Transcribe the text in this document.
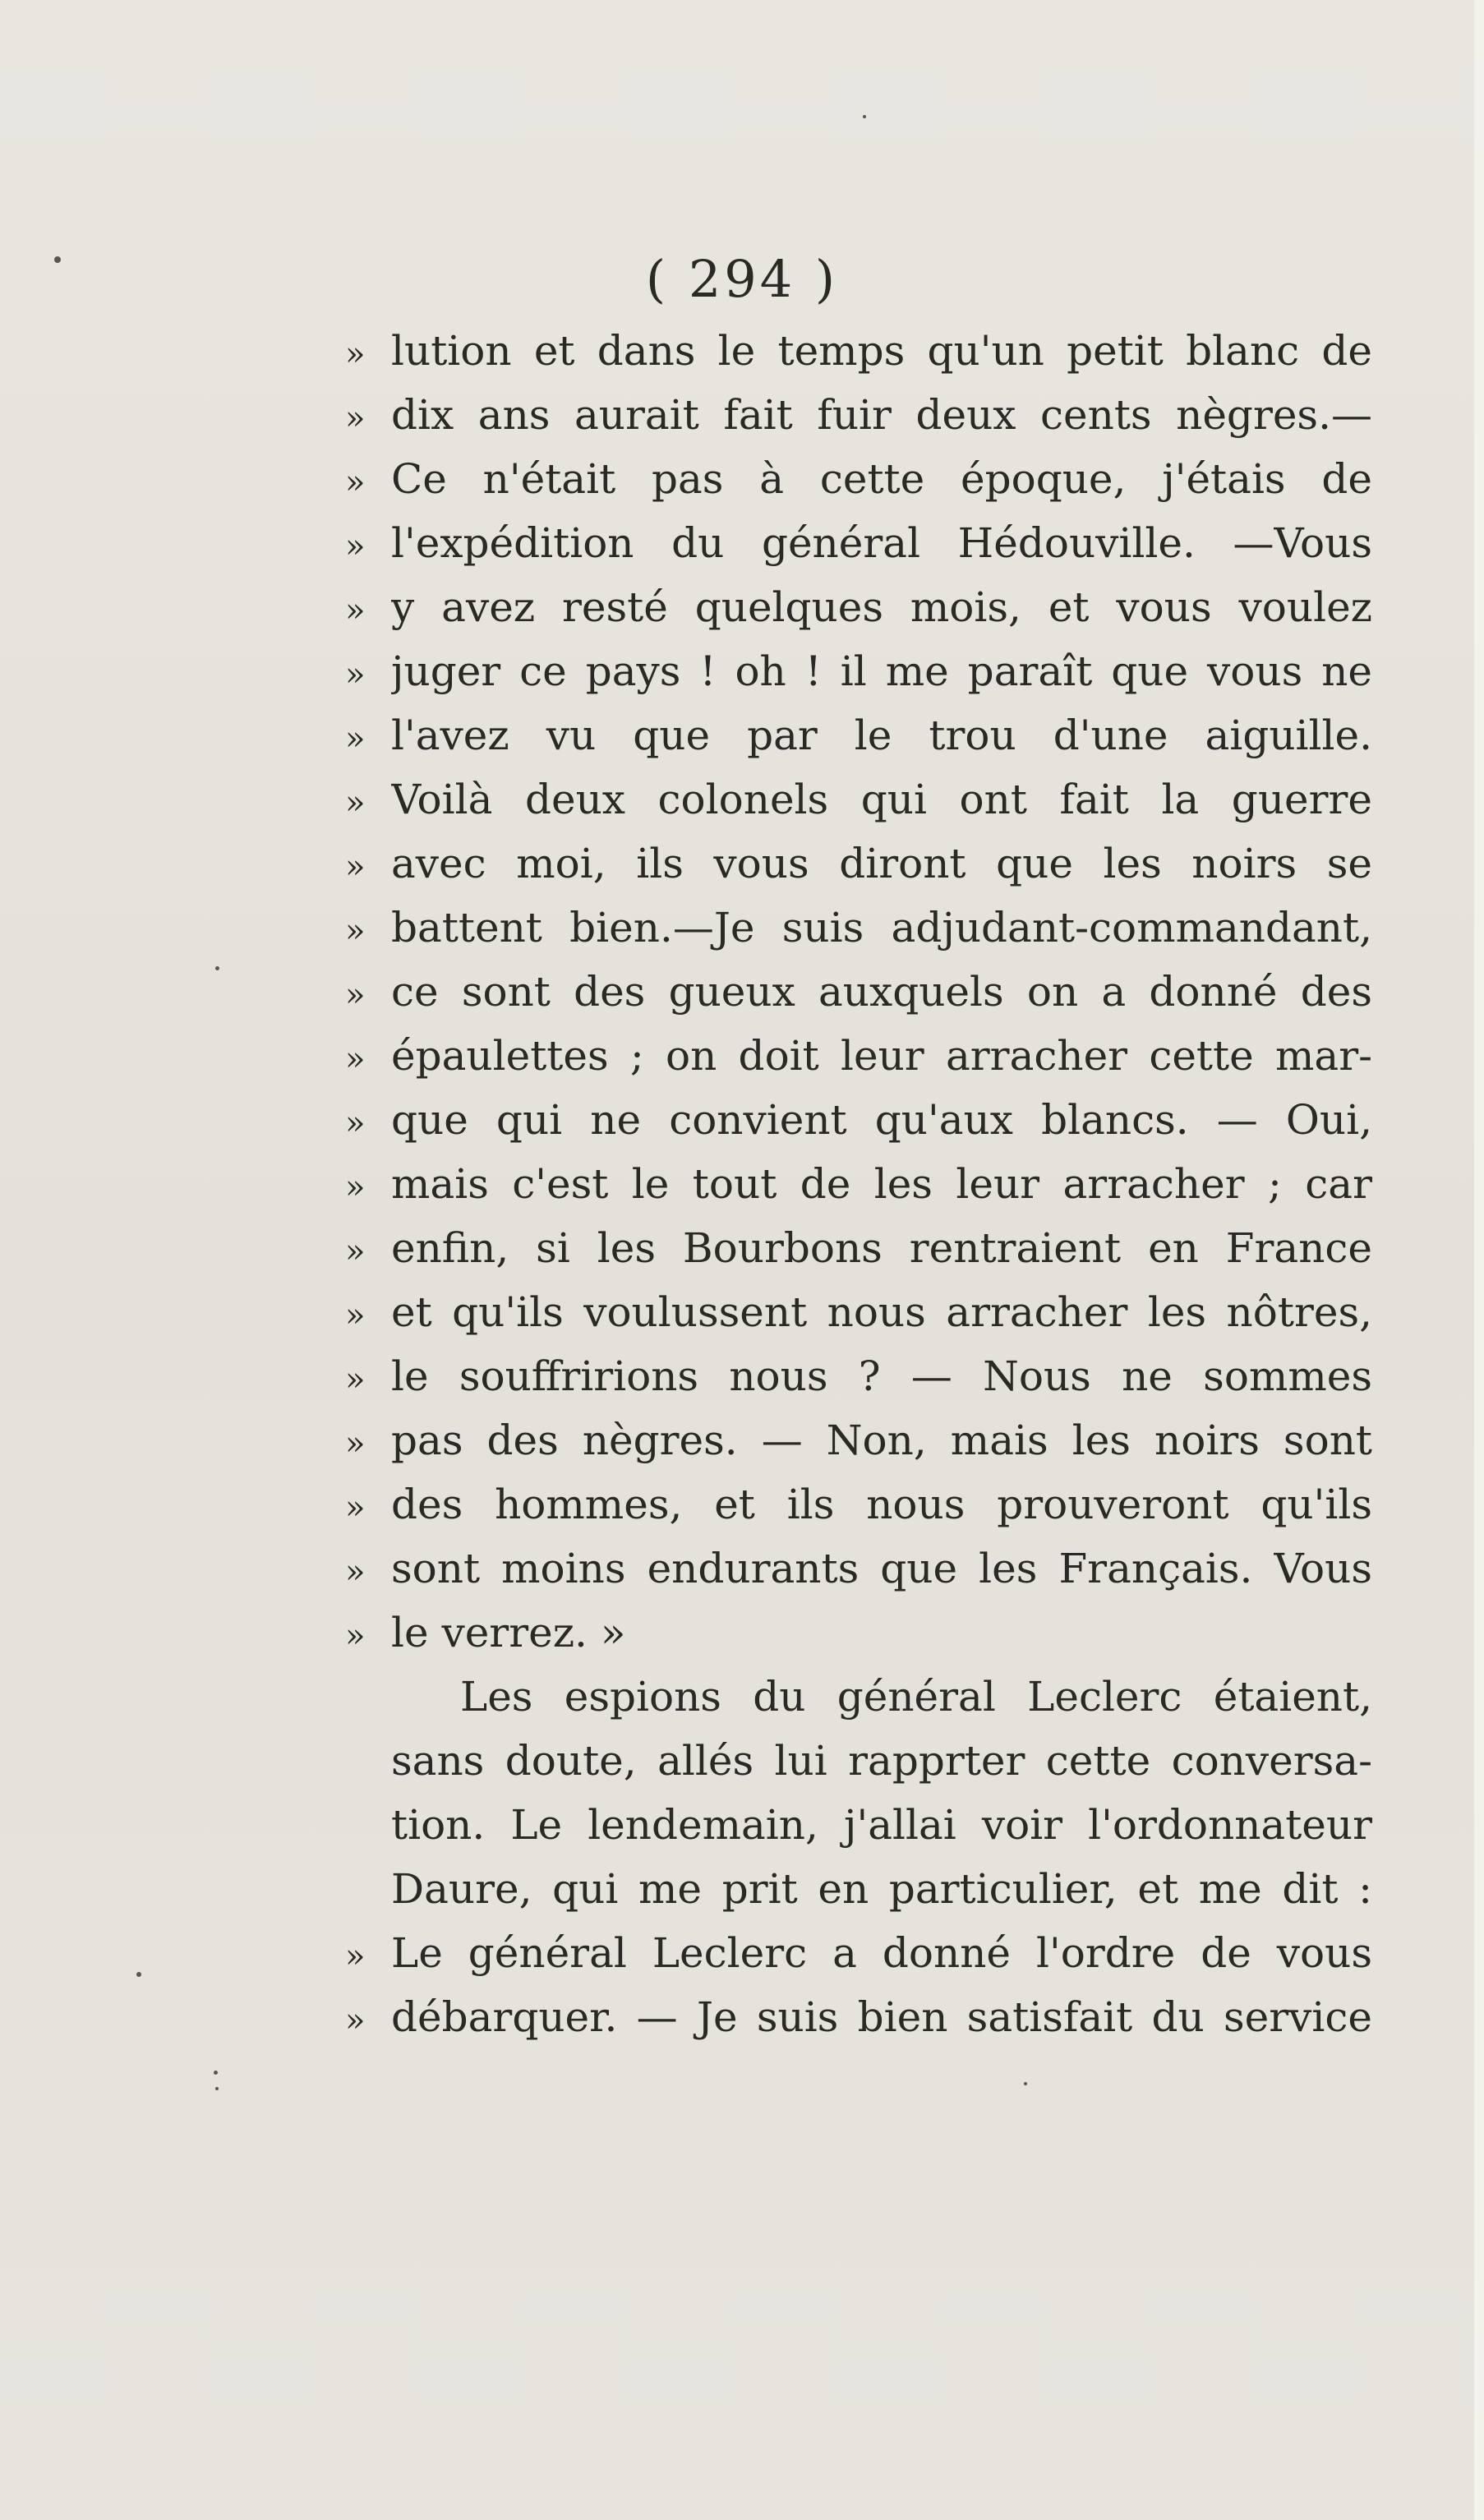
( 294 )
» lution et dans le temps qu'un petit blanc de
» dix ans aurait fait fuir deux cents nègres.—
» Ce n'était pas à cette époque, j'étais de
» l'expédition du général Hédouville. —Vous
» y avez resté quelques mois, et vous voulez
» juger ce pays ! oh ! il me paraît que vous ne
» l'avez vu que par le trou d'une aiguille.
» Voilà deux colonels qui ont fait la guerre
» avec moi, ils vous diront que les noirs se
» battent bien.—Je suis adjudant-commandant,
» ce sont des gueux auxquels on a donné des
» épaulettes ; on doit leur arracher cette mar-
» que qui ne convient qu'aux blancs. — Oui,
» mais c'est le tout de les leur arracher ; car
» enfin, si les Bourbons rentraient en France
» et qu'ils voulussent nous arracher les nôtres,
» le souffririons nous ? — Nous ne sommes
» pas des nègres. — Non, mais les noirs sont
» des hommes, et ils nous prouveront qu'ils
» sont moins endurants que les Français. Vous
» le verrez. »
Les espions du général Leclerc étaient,
sans doute, allés lui rapprter cette conversa-
tion. Le lendemain, j'allai voir l'ordonnateur
Daure, qui me prit en particulier, et me dit :
» Le général Leclerc a donné l'ordre de vous
» débarquer. — Je suis bien satisfait du service
